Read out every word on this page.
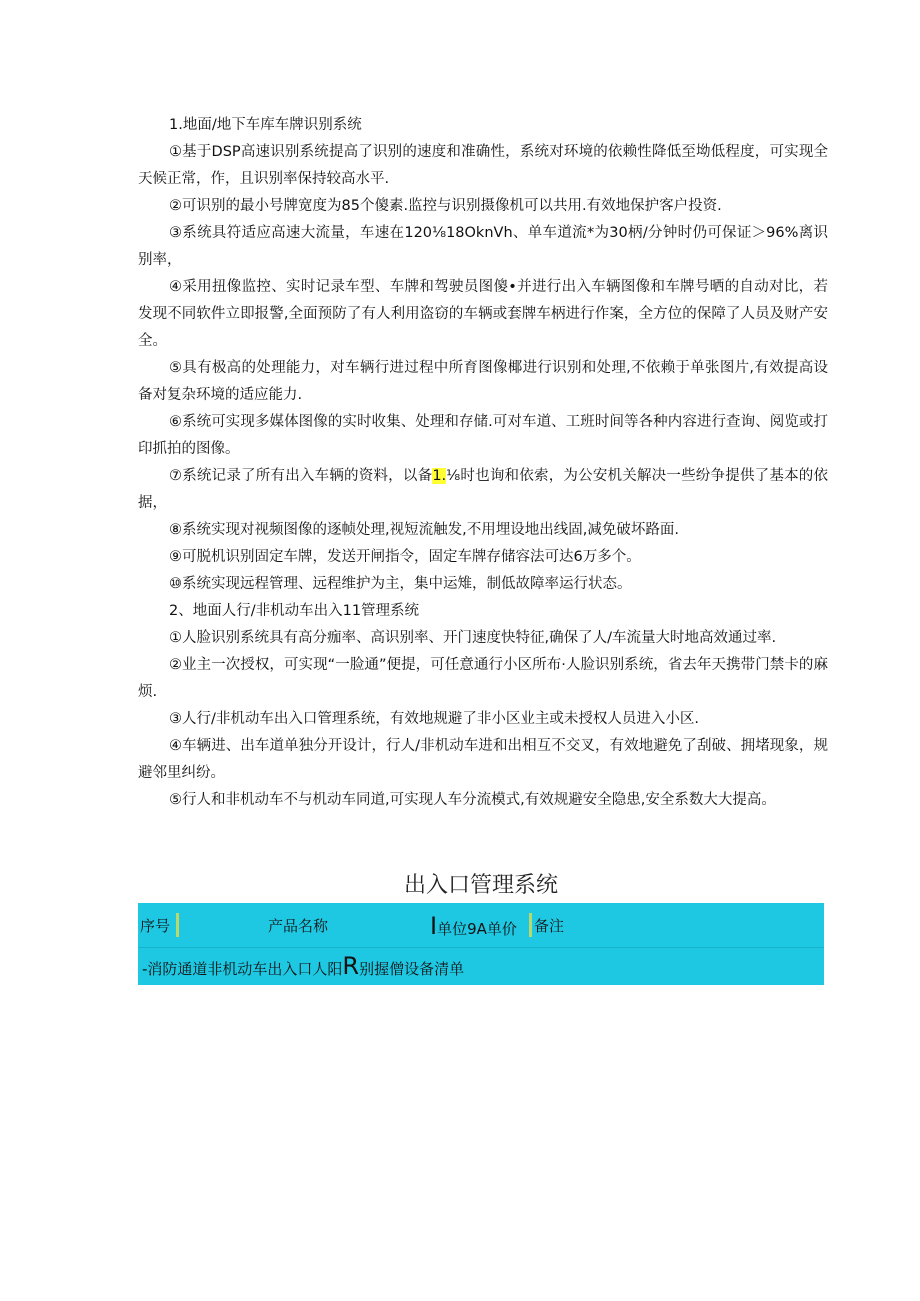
1.地面/地下车库车牌识别系统

①基于DSP高速识别系统提高了识别的速度和准确性，系统对环境的依赖性降低至坳低程度，可实现全天候正常，作，且识别率保持较高水平.

②可识别的最小号牌宽度为85个傻素.监控与识别摄像机可以共用.有效地保护客户投资.

③系统具符适应高速大流量，车速在120⅛18OknVh、单车道流*为30柄/分钟时仍可保证＞96%离识别率，

④采用扭像监控、实时记录车型、车牌和驾驶员图傻•并进行出入车辆图像和车牌号晒的自动对比，若发现不同软件立即报警,全面预防了有人利用盗窃的车辆或套牌车柄进行作案，全方位的保障了人员及财产安全。

⑤具有极高的处理能力，对车辆行进过程中所育图像椰进行识别和处理,不依赖于单张图片,有效提高设备对复杂环境的适应能力.

⑥系统可实现多媒体图像的实时收集、处理和存储.可对车道、工班时间等各种内容进行查询、阅览或打印抓拍的图像。

⑦系统记录了所有出入车辆的资料，以备1.⅛时也询和依索，为公安机关解决一些纷争提供了基本的依据，

⑧系统实现对视频图像的逐帧处理,视短流触发,不用埋设地出线固,减免破坏路面.

⑨可脱机识别固定车牌，发送开闸指令，固定车牌存储容法可达6万多个。

⑩系统实现远程管理、远程维护为主，集中运雉，制低故障率运行状态。

2、地面人行/非机动车出入11管理系统

①人脸识别系统具有高分痂率、高识别率、开门速度快特征,确保了人/车流量大时地高效通过率.

②业主一次授权，可实现“一脸通”便提，可任意通行小区所布·人脸识别系统，省去年天携带门禁卡的麻烦.

③人行/非机动车出入口管理系统，有效地规避了非小区业主或未授权人员进入小区.

④车辆进、出车道单独分开设计，行人/非机动车进和出相互不交叉，有效地避免了刮破、拥堵现象，规避邻里纠纷。

⑤行人和非机动车不与机动车同道,可实现人车分流模式,有效规避安全隐患,安全系数大大提高。

出入口管理系统
序号	产品名称	I单位9A单价 备注
-消防通道非机动车出入口人阳R别握僧设备清单
